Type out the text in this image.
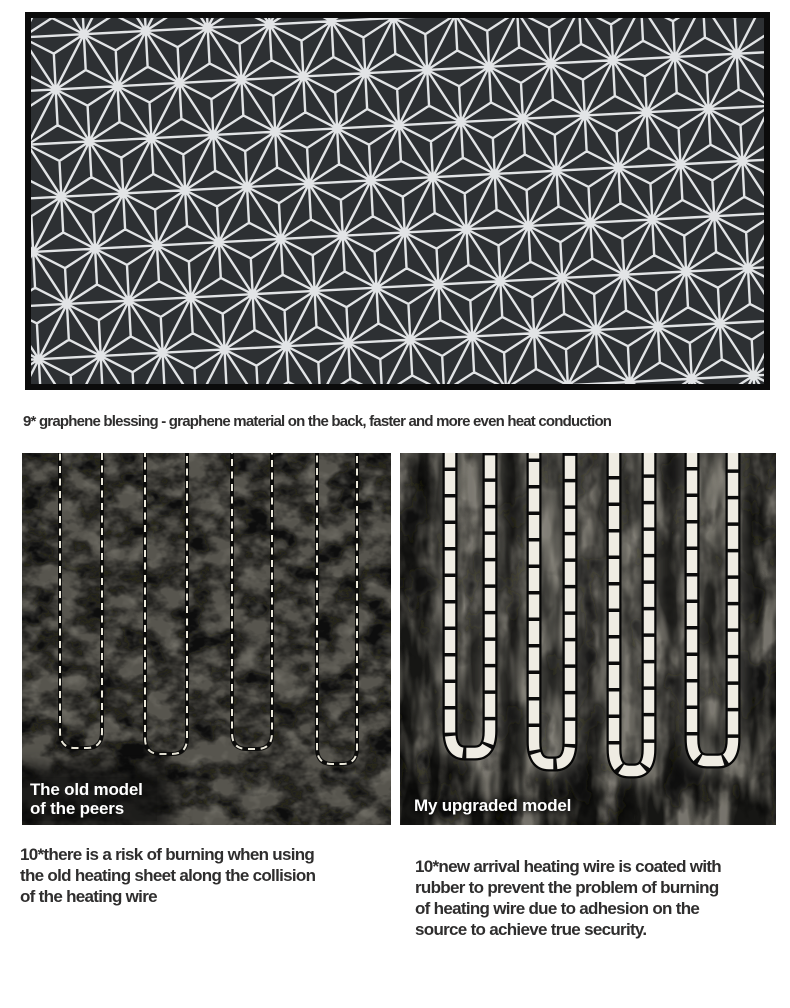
9* graphene blessing - graphene material on the back, faster and more even heat conduction

The old model
of the peers	My upgraded model
10*there is a risk of burning when using
the old heating sheet along the collision
of the heating wire
10*new arrival heating wire is coated with
rubber to prevent the problem of burning
of heating wire due to adhesion on the
source to achieve true security.
